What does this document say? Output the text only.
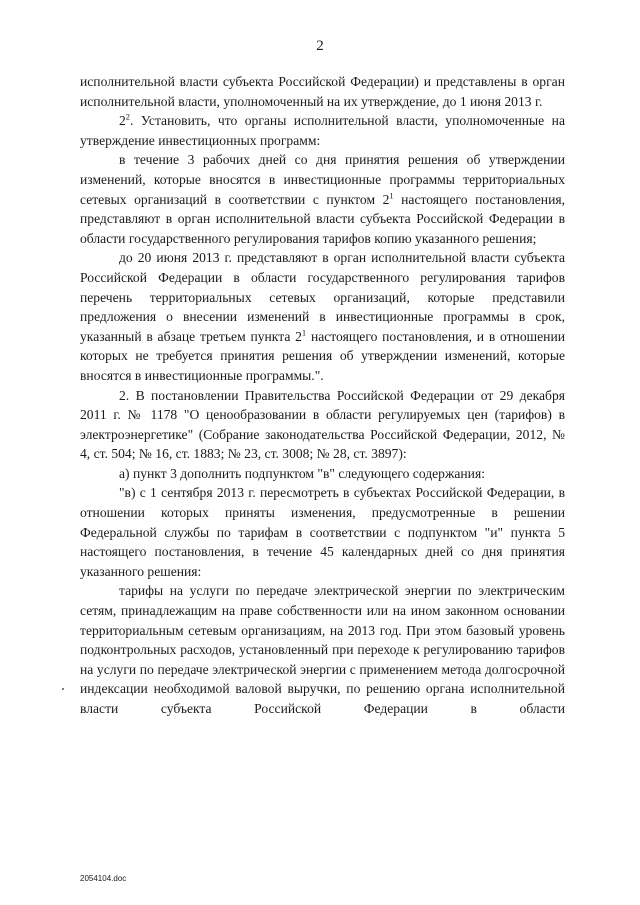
2

исполнительной власти субъекта Российской Федерации) и представлены в орган исполнительной власти, уполномоченный на их утверждение, до 1 июня 2013 г.

$2^2$. Установить, что органы исполнительной власти, уполномоченные на утверждение инвестиционных программ:

в течение 3 рабочих дней со дня принятия решения об утверждении изменений, которые вносятся в инвестиционные программы территориальных сетевых организаций в соответствии с пунктом $2^1$ настоящего постановления, представляют в орган исполнительной власти субъекта Российской Федерации в области государственного регулирования тарифов копию указанного решения;

до 20 июня 2013 г. представляют в орган исполнительной власти субъекта Российской Федерации в области государственного регулирования тарифов перечень территориальных сетевых организаций, которые представили предложения о внесении изменений в инвестиционные программы в срок, указанный в абзаце третьем пункта $2^1$ настоящего постановления, и в отношении которых не требуется принятия решения об утверждении изменений, которые вносятся в инвестиционные программы.".

2. В постановлении Правительства Российской Федерации от 29 декабря 2011 г. № 1178 "О ценообразовании в области регулируемых цен (тарифов) в электроэнергетике" (Собрание законодательства Российской Федерации, 2012, № 4, ст. 504; № 16, ст. 1883; № 23, ст. 3008; № 28, ст. 3897):

а) пункт 3 дополнить подпунктом "в" следующего содержания:

"в) с 1 сентября 2013 г. пересмотреть в субъектах Российской Федерации, в отношении которых приняты изменения, предусмотренные в решении Федеральной службы по тарифам в соответствии с подпунктом "и" пункта 5 настоящего постановления, в течение 45 календарных дней со дня принятия указанного решения:

тарифы на услуги по передаче электрической энергии по электрическим сетям, принадлежащим на праве собственности или на ином законном основании территориальным сетевым организациям, на 2013 год. При этом базовый уровень подконтрольных расходов, установленный при переходе к регулированию тарифов на услуги по передаче электрической энергии с применением метода долгосрочной индексации необходимой валовой выручки, по решению органа исполнительной власти субъекта Российской Федерации в области

2054104.doc
